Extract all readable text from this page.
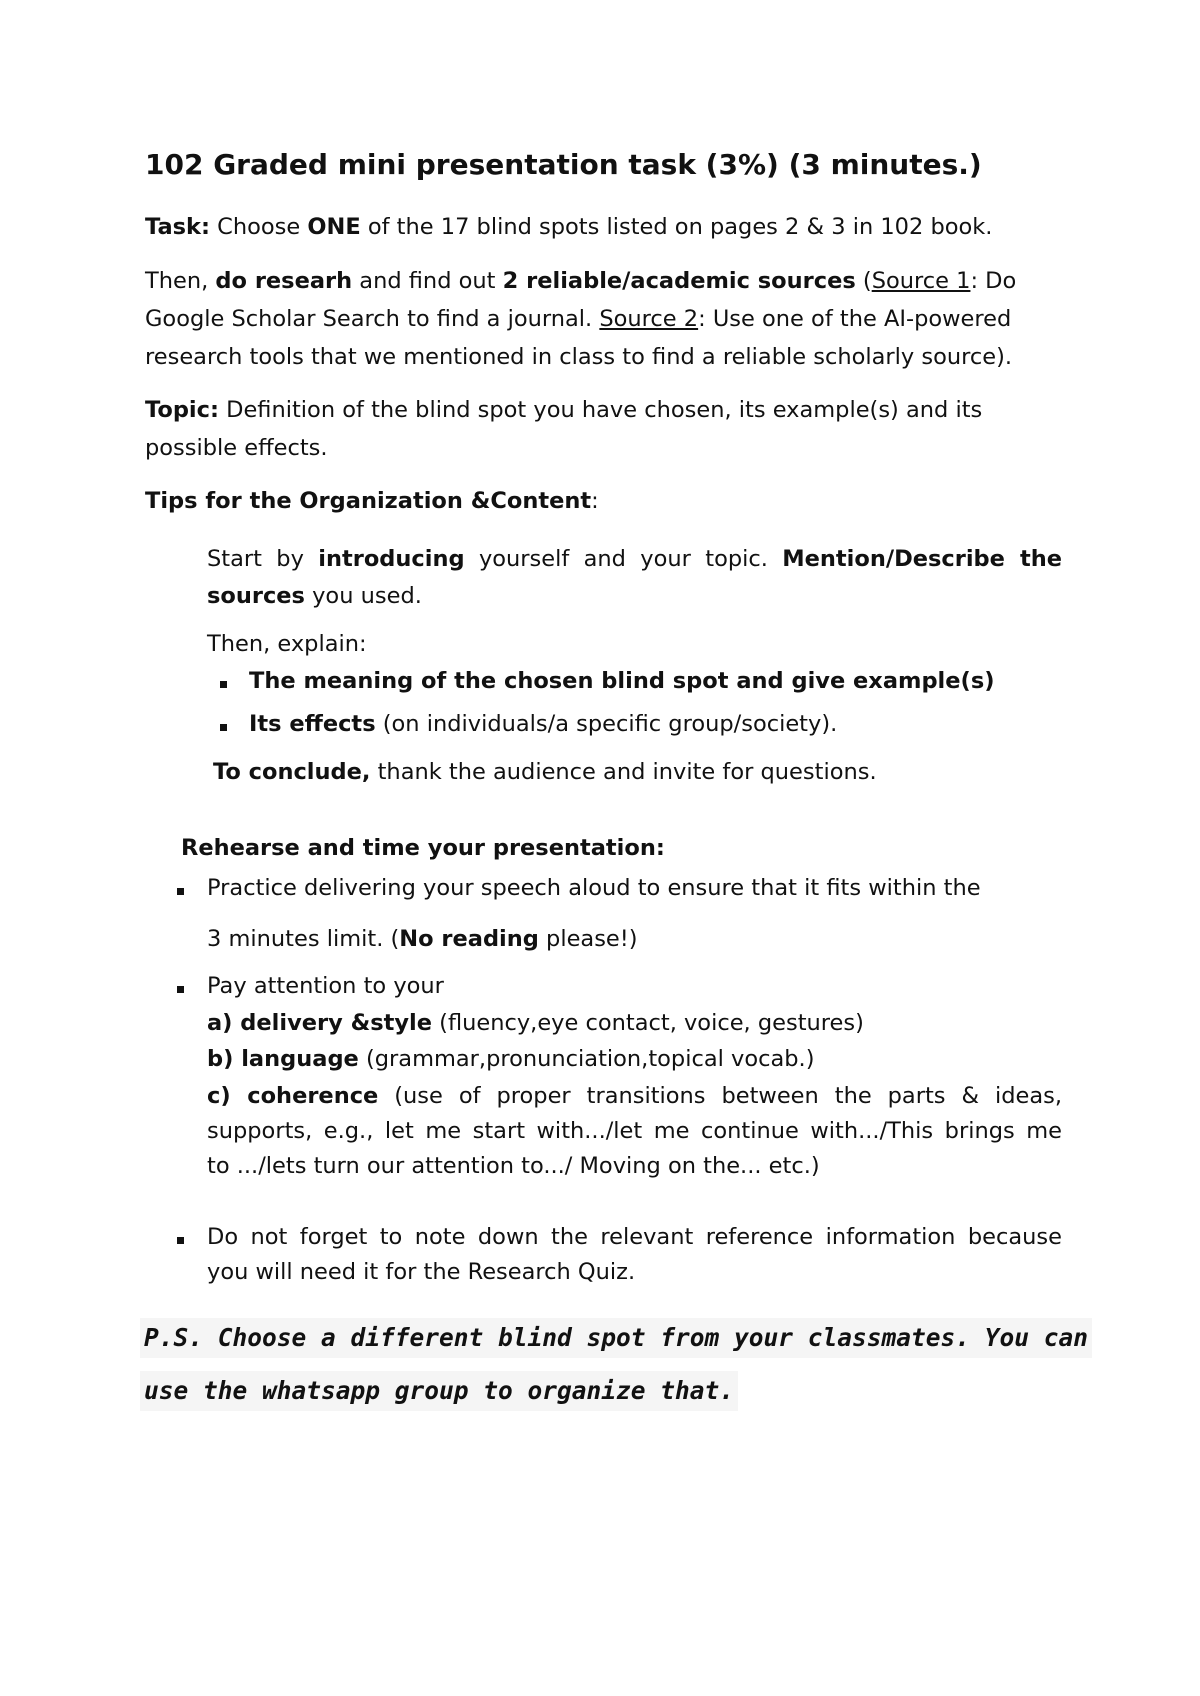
102 Graded mini presentation task (3%) (3 minutes.)
Task: Choose ONE of the 17 blind spots listed on pages 2 & 3 in 102 book.
Then, do researh and find out 2 reliable/academic sources (Source 1: Do
Google Scholar Search to find a journal. Source 2: Use one of the AI-powered
research tools that we mentioned in class to find a reliable scholarly source).
Topic: Definition of the blind spot you have chosen, its example(s) and its
possible effects.
Tips for the Organization &Content:
Start by introducing yourself and your topic. Mention/Describe the
sources you used.
Then, explain:
The meaning of the chosen blind spot and give example(s)
Its effects (on individuals/a specific group/society).
To conclude, thank the audience and invite for questions.
Rehearse and time your presentation:
Practice delivering your speech aloud to ensure that it fits within the
3 minutes limit. (No reading please!)
Pay attention to your
a) delivery &style (fluency,eye contact, voice, gestures)
b) language (grammar,pronunciation,topical vocab.)
c) coherence (use of proper transitions between the parts & ideas,
supports, e.g., let me start with.../let me continue with.../This brings me
to .../lets turn our attention to.../ Moving on the... etc.)
Do not forget to note down the relevant reference information because
you will need it for the Research Quiz.
P.S. Choose a different blind spot from your classmates. You can
use the whatsapp group to organize that.
